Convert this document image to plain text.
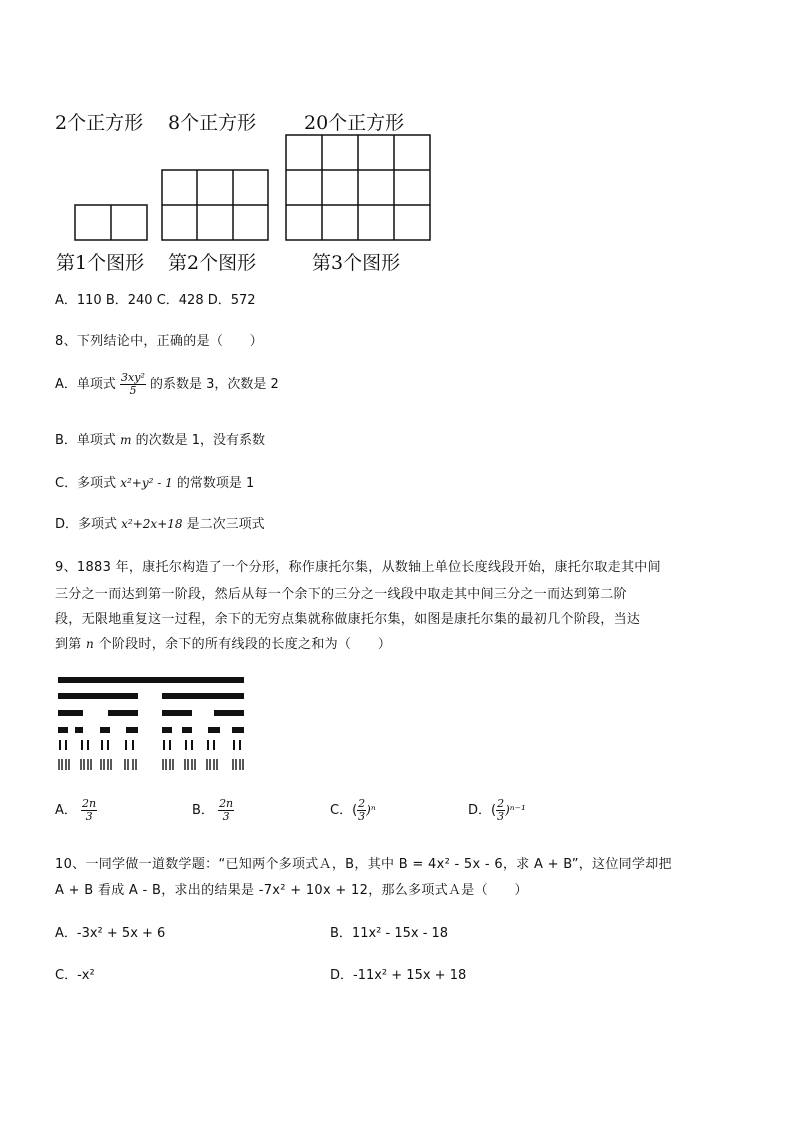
2个正方形 8个正方形	20个正方形
第1个图形 第2个图形	第3个图形
A．110 B．240 C．428 D．572
8、下列结论中，正确的是（　　）
A．单项式 $\frac{\text{3xy²}}{5}$ 的系数是 3，次数是 2
B．单项式 m 的次数是 1，没有系数
C．多项式 x²+y² - 1 的常数项是 1
D．多项式 x²+2x+18 是二次三项式
9、1883 年，康托尔构造了一个分形，称作康托尔集，从数轴上单位长度线段开始，康托尔取走其中间
三分之一而达到第一阶段，然后从每一个余下的三分之一线段中取走其中间三分之一而达到第二阶
段，无限地重复这一过程，余下的无穷点集就称做康托尔集，如图是康托尔集的最初几个阶段，当达
到第 n 个阶段时，余下的所有线段的长度之和为（　　）
A． $\frac{2n}{3}$	B． $\frac{2n}{3}$	C．( $\frac{2}{3} )^n$	D．( $\frac{2}{3} )^{n-1}$
10、一同学做一道数学题：“已知两个多项式Ａ，B，其中 B = 4x² - 5x - 6，求 A + B”，这位同学却把
A + B 看成 A - B，求出的结果是 -7x² + 10x + 12，那么多项式Ａ是（　　）
A．-3x² + 5x + 6	B．11x² - 15x - 18
C．-x²	D．-11x² + 15x + 18
